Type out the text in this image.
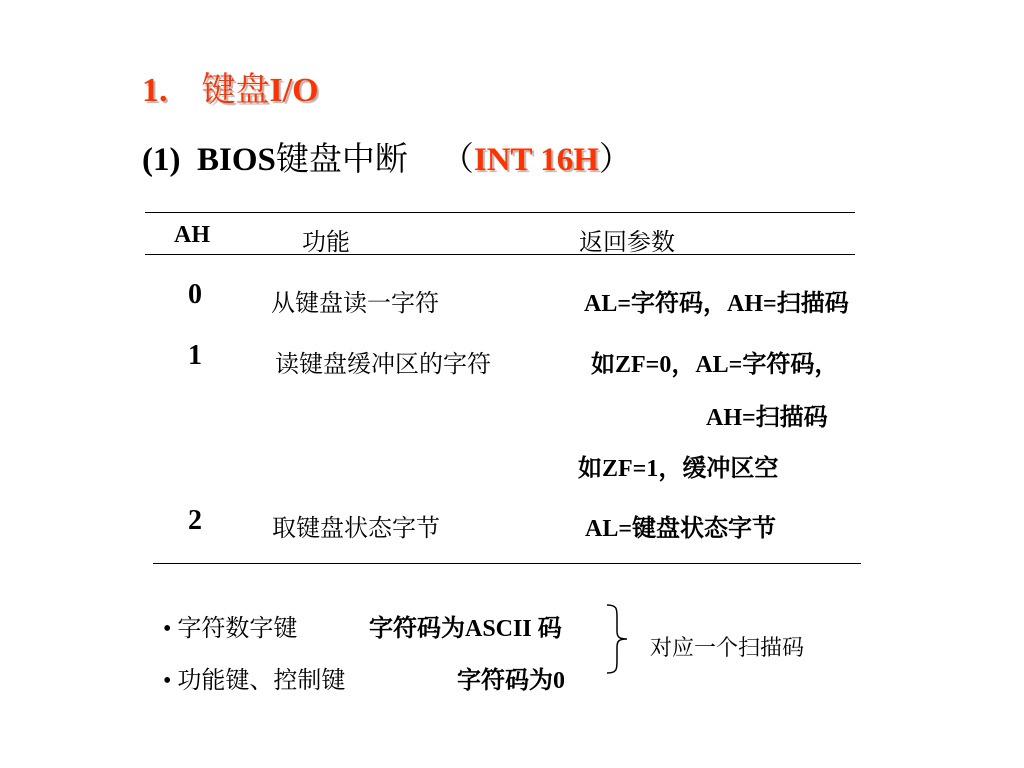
1. 键盘I/O
(1) BIOS键盘中断 （INT 16H）
AH	功能	返回参数
0	从键盘读一字符	AL=字符码，AH=扫描码
1	读键盘缓冲区的字符	如ZF=0，AL=字符码，
AH=扫描码
如ZF=1，缓冲区空
2	取键盘状态字节	AL=键盘状态字节
• 字符数字键	字符码为ASCII 码
• 功能键、控制键	字符码为0
对应一个扫描码
